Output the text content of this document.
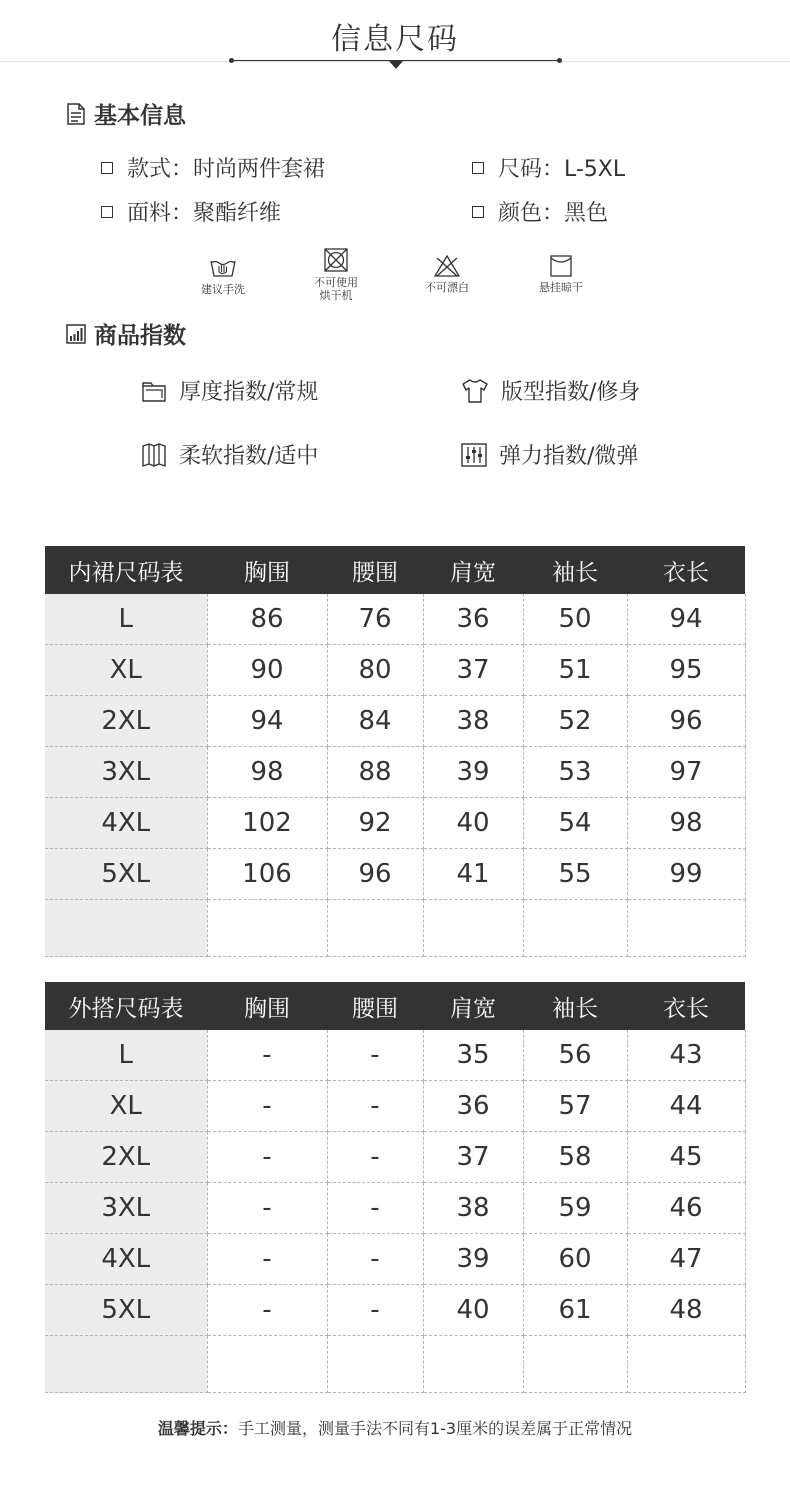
信息尺码
基本信息
款式：时尚两件套裙	尺码：L-5XL
面料：聚酯纤维	颜色：黑色
建议手洗
不可使用
烘干机
不可漂白	悬挂晾干
商品指数
厚度指数/常规	版型指数/修身
柔软指数/适中	弹力指数/微弹
内裙尺码表	胸围	腰围	肩宽	袖长	衣长
L	86	76	36	50	94
XL	90	80	37	51	95
2XL	94	84	38	52	96
3XL	98	88	39	53	97
4XL	102	92	40	54	98
5XL	106	96	41	55	99

外搭尺码表	胸围	腰围	肩宽	袖长	衣长
L	-	-	35	56	43
XL	-	-	36	57	44
2XL	-	-	37	58	45
3XL	-	-	38	59	46
4XL	-	-	39	60	47
5XL	-	-	40	61	48

温馨提示：手工测量，测量手法不同有1-3厘米的误差属于正常情况
